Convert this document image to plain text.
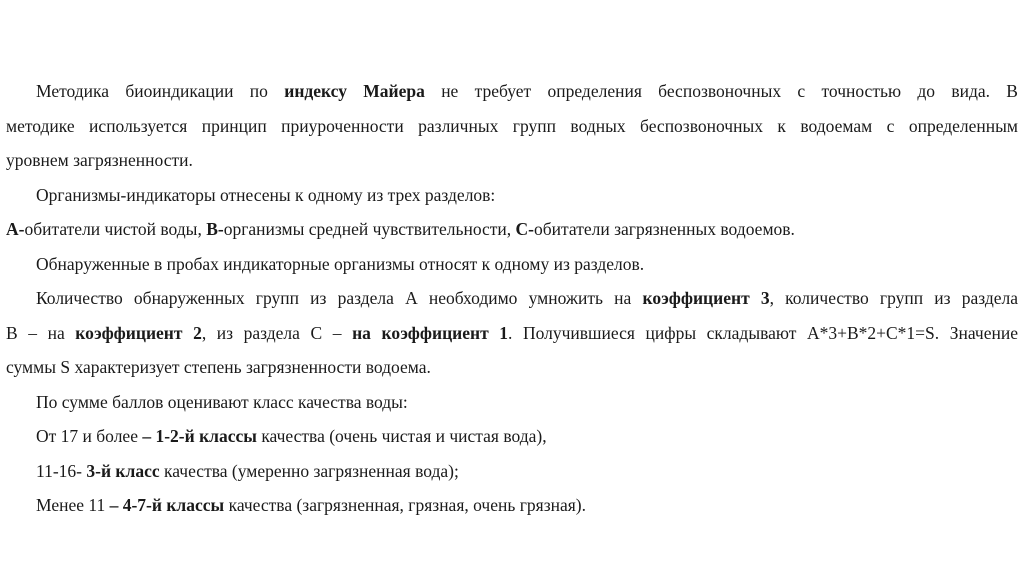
Методика биоиндикации по индексу Майера не требует определения беспозвоночных с точностью до вида. В
методике используется принцип приуроченности различных групп водных беспозвоночных к водоемам с определенным
уровнем загрязненности.
Организмы-индикаторы отнесены к одному из трех разделов:
А-обитатели чистой воды, В-организмы средней чувствительности, С-обитатели загрязненных водоемов.
Обнаруженные в пробах индикаторные организмы относят к одному из разделов.
Количество обнаруженных групп из раздела А необходимо умножить на коэффициент 3, количество групп из раздела
В – на коэффициент 2, из раздела С – на коэффициент 1. Получившиеся цифры складывают А*3+В*2+С*1=S. Значение
суммы S характеризует степень загрязненности водоема.
По сумме баллов оценивают класс качества воды:
От 17 и более – 1-2-й классы качества (очень чистая и чистая вода),
11-16- 3-й класс качества (умеренно загрязненная вода);
Менее 11 – 4-7-й классы качества (загрязненная, грязная, очень грязная).
